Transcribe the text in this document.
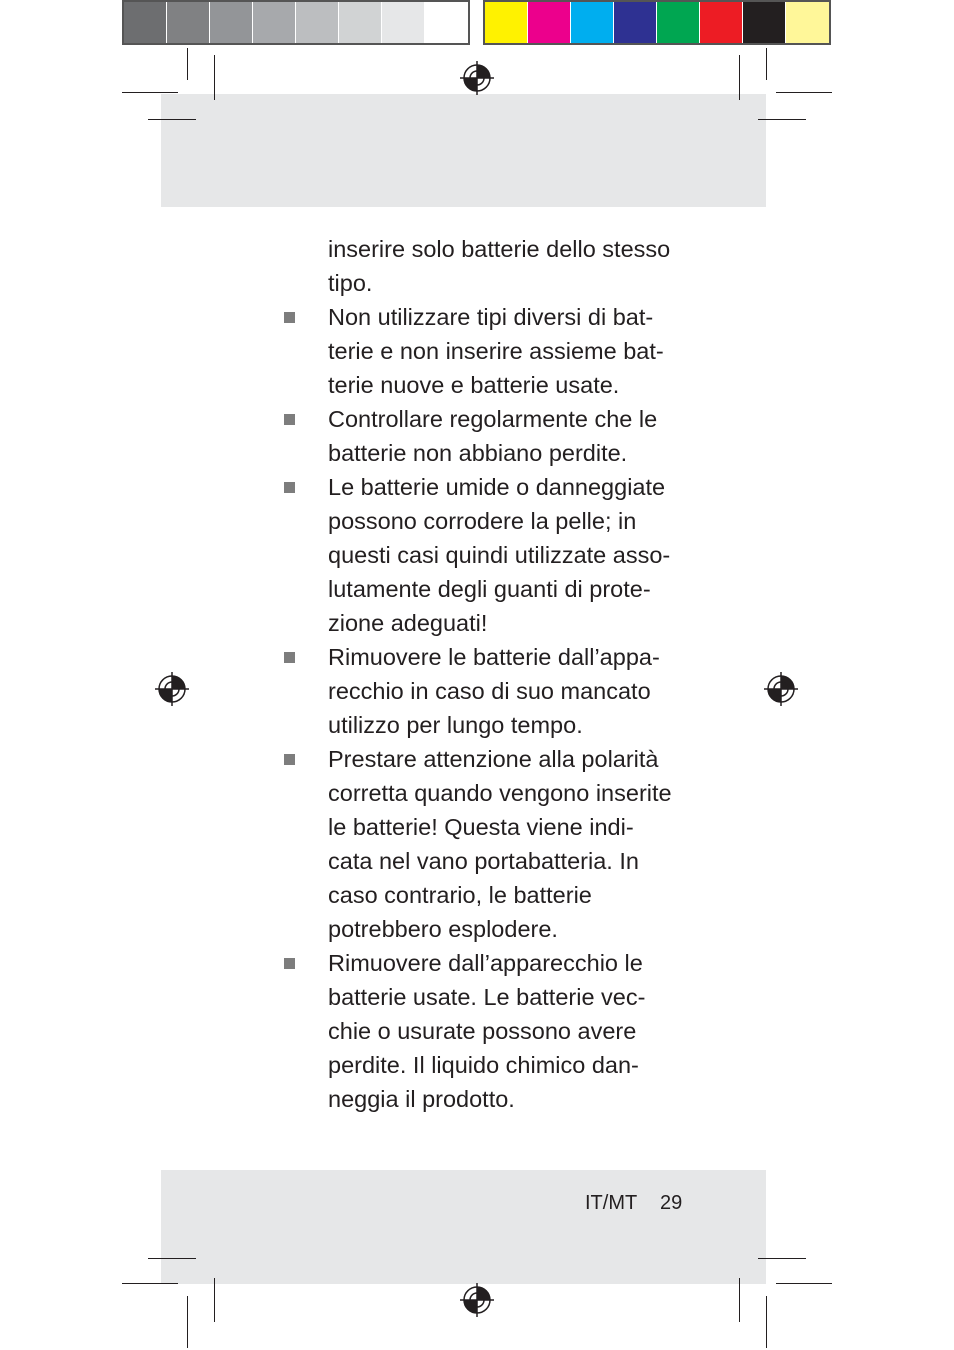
inserire solo batterie dello stesso
tipo.

Non utilizzare tipi diversi di bat-
terie e non inserire assieme bat-
terie nuove e batterie usate.

Controllare regolarmente che le
batterie non abbiano perdite.

Le batterie umide o danneggiate
possono corrodere la pelle; in
questi casi quindi utilizzate asso-
lutamente degli guanti di prote-
zione adeguati!

Rimuovere le batterie dall’appa-
recchio in caso di suo mancato
utilizzo per lungo tempo.

Prestare attenzione alla polarità
corretta quando vengono inserite
le batterie! Questa viene indi-
cata nel vano portabatteria. In
caso contrario, le batterie
potrebbero esplodere.

Rimuovere dall’apparecchio le
batterie usate. Le batterie vec-
chie o usurate possono avere
perdite. Il liquido chimico dan-
neggia il prodotto.

IT/MT 29
